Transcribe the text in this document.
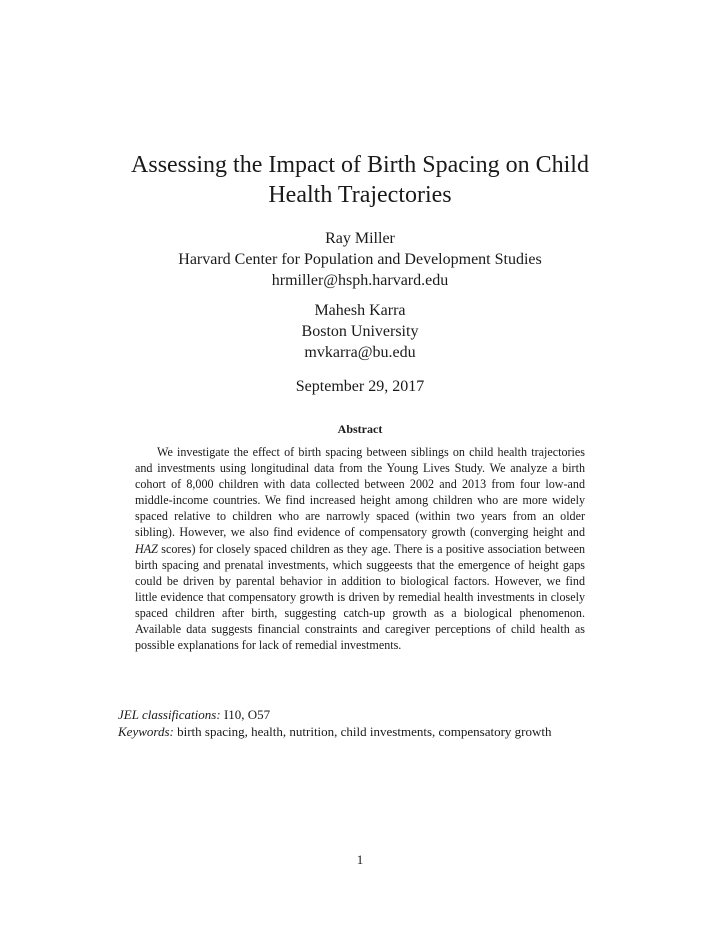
Assessing the Impact of Birth Spacing on Child
Health Trajectories
Ray Miller
Harvard Center for Population and Development Studies
hrmiller@hsph.harvard.edu
Mahesh Karra
Boston University
mvkarra@bu.edu
September 29, 2017
Abstract

We investigate the effect of birth spacing between siblings on child health trajectories and investments using longitudinal data from the Young Lives Study. We analyze a birth cohort of 8,000 children with data collected between 2002 and 2013 from four low-and middle-income countries. We find increased height among children who are more widely spaced relative to children who are narrowly spaced (within two years from an older sibling). However, we also find evidence of compensatory growth (converging height and HAZ scores) for closely spaced children as they age. There is a positive association between birth spacing and prenatal investments, which suggeests that the emergence of height gaps could be driven by parental behavior in addition to biological factors. However, we find little evidence that compensatory growth is driven by remedial health investments in closely spaced children after birth, suggesting catch-up growth as a biological phenomenon. Available data suggests financial constraints and caregiver perceptions of child health as possible explanations for lack of remedial investments.

JEL classifications: I10, O57
Keywords: birth spacing, health, nutrition, child investments, compensatory growth
1
